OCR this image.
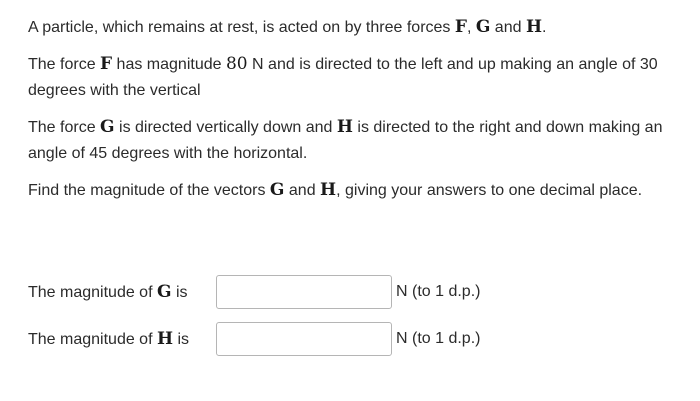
A particle, which remains at rest, is acted on by three forces F, G and H.

The force F has magnitude 80 N and is directed to the left and up making an angle of 30 degrees with the vertical

The force G is directed vertically down and H is directed to the right and down making an angle of 45 degrees with the horizontal.

Find the magnitude of the vectors G and H, giving your answers to one decimal place.

The magnitude of G is	N (to 1 d.p.)
The magnitude of H is	N (to 1 d.p.)
